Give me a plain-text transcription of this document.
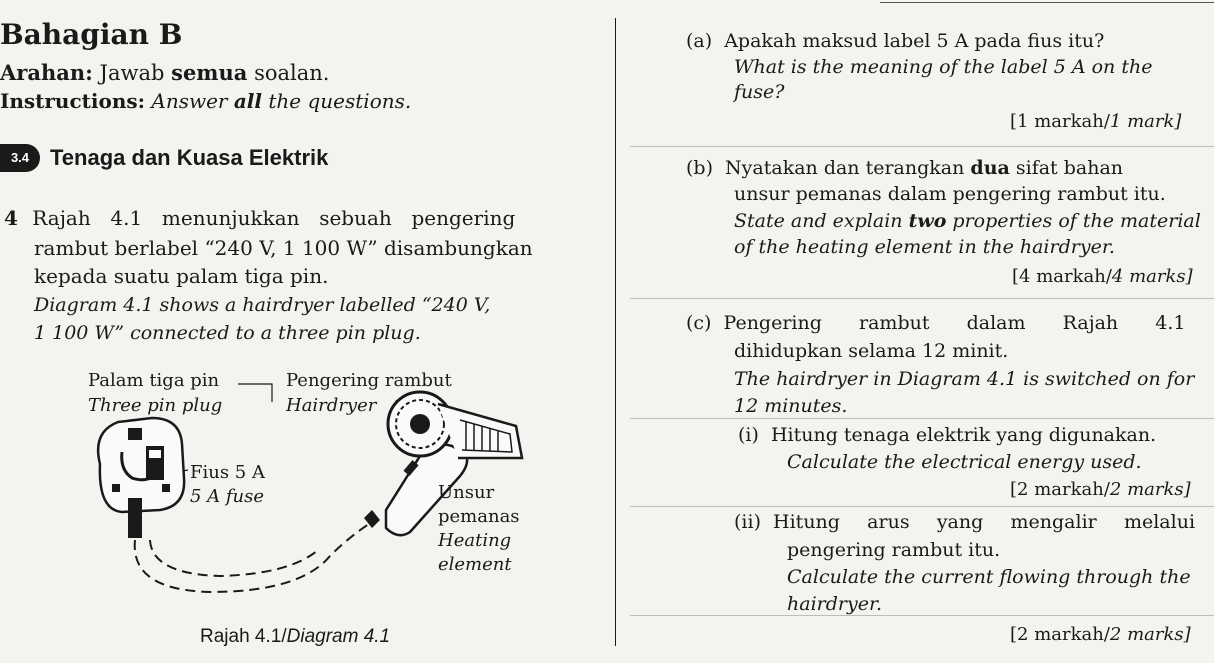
Bahagian B
Arahan: Jawab semua soalan.
Instructions: Answer all the questions.
3.4 Tenaga dan Kuasa Elektrik
4 Rajah 4.1 menunjukkan sebuah pengering
rambut berlabel “240 V, 1 100 W” disambungkan
kepada suatu palam tiga pin.
Diagram 4.1 shows a hairdryer labelled “240 V,
1 100 W” connected to a three pin plug.
Palam tiga pin
Three pin plug
Pengering rambut
Hairdryer
Fius 5 A
5 A fuse	Unsur
pemanas
Heating
element
Rajah 4.1/Diagram 4.1
(a) Apakah maksud label 5 A pada fius itu?
What is the meaning of the label 5 A on the
fuse?
[1 markah/1 mark]
(b) Nyatakan dan terangkan dua sifat bahan
unsur pemanas dalam pengering rambut itu.
State and explain two properties of the material
of the heating element in the hairdryer.
[4 markah/4 marks]
(c) Pengering rambut dalam Rajah 4.1
dihidupkan selama 12 minit.
The hairdryer in Diagram 4.1 is switched on for
12 minutes.
(i) Hitung tenaga elektrik yang digunakan.
Calculate the electrical energy used.
[2 markah/2 marks]
(ii) Hitung arus yang mengalir melalui
pengering rambut itu.
Calculate the current flowing through the
hairdryer.
[2 markah/2 marks]
